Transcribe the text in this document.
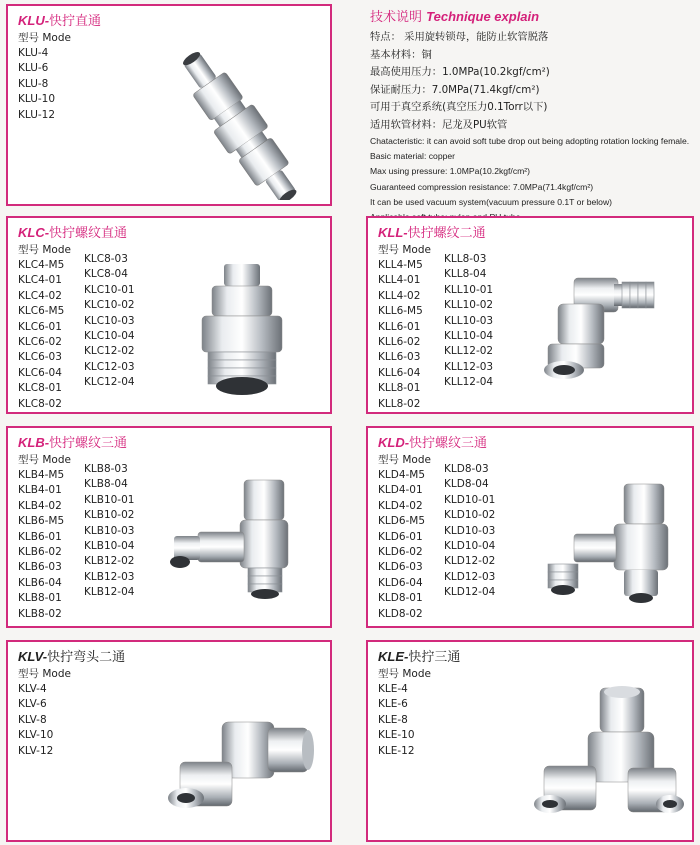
KLU-快拧直通
型号 Mode
KLU-4
KLU-6
KLU-8
KLU-10
KLU-12
技术说明 Technique explain
特点： 采用旋转锁母，能防止软管脱落
基本材料：铜
最高使用压力：1.0MPa(10.2kgf/cm²)
保证耐压力：7.0MPa(71.4kgf/cm²)
可用于真空系统(真空压力0.1Torr以下)
适用软管材料：尼龙及PU软管
Chatacteristic: it can avoid soft tube drop out being adopting rotation locking female.
Basic material: copper
Max using pressure: 1.0MPa(10.2kgf/cm²)
Guaranteed compression resistance: 7.0MPa(71.4kgf/cm²)
It can be used vacuum system(vacuum pressure 0.1T or below)
KLC-快拧螺纹直通
型号 Mode
KLC4-M5
KLC4-01
KLC4-02
KLC6-M5
KLC6-01
KLC6-02
KLC6-03
KLC6-04
KLC8-01
KLC8-02
KLC8-03
KLC8-04
KLC10-01
KLC10-02
KLC10-03
KLC10-04
KLC12-02
KLC12-03
KLC12-04
KLL-快拧螺纹二通
型号 Mode
KLL4-M5
KLL4-01
KLL4-02
KLL6-M5
KLL6-01
KLL6-02
KLL6-03
KLL6-04
KLL8-01
KLL8-02
KLL8-03
KLL8-04
KLL10-01
KLL10-02
KLL10-03
KLL10-04
KLL12-02
KLL12-03
KLL12-04
KLB-快拧螺纹三通
型号 Mode
KLB4-M5
KLB4-01
KLB4-02
KLB6-M5
KLB6-01
KLB6-02
KLB6-03
KLB6-04
KLB8-01
KLB8-02
KLB8-03
KLB8-04
KLB10-01
KLB10-02
KLB10-03
KLB10-04
KLB12-02
KLB12-03
KLB12-04
KLD-快拧螺纹三通
型号 Mode
KLD4-M5
KLD4-01
KLD4-02
KLD6-M5
KLD6-01
KLD6-02
KLD6-03
KLD6-04
KLD8-01
KLD8-02
KLD8-03
KLD8-04
KLD10-01
KLD10-02
KLD10-03
KLD10-04
KLD12-02
KLD12-03
KLD12-04
KLV-快拧弯头二通
型号 Mode
KLV-4
KLV-6
KLV-8
KLV-10
KLV-12
KLE-快拧三通
型号 Mode
KLE-4
KLE-6
KLE-8
KLE-10
KLE-12
